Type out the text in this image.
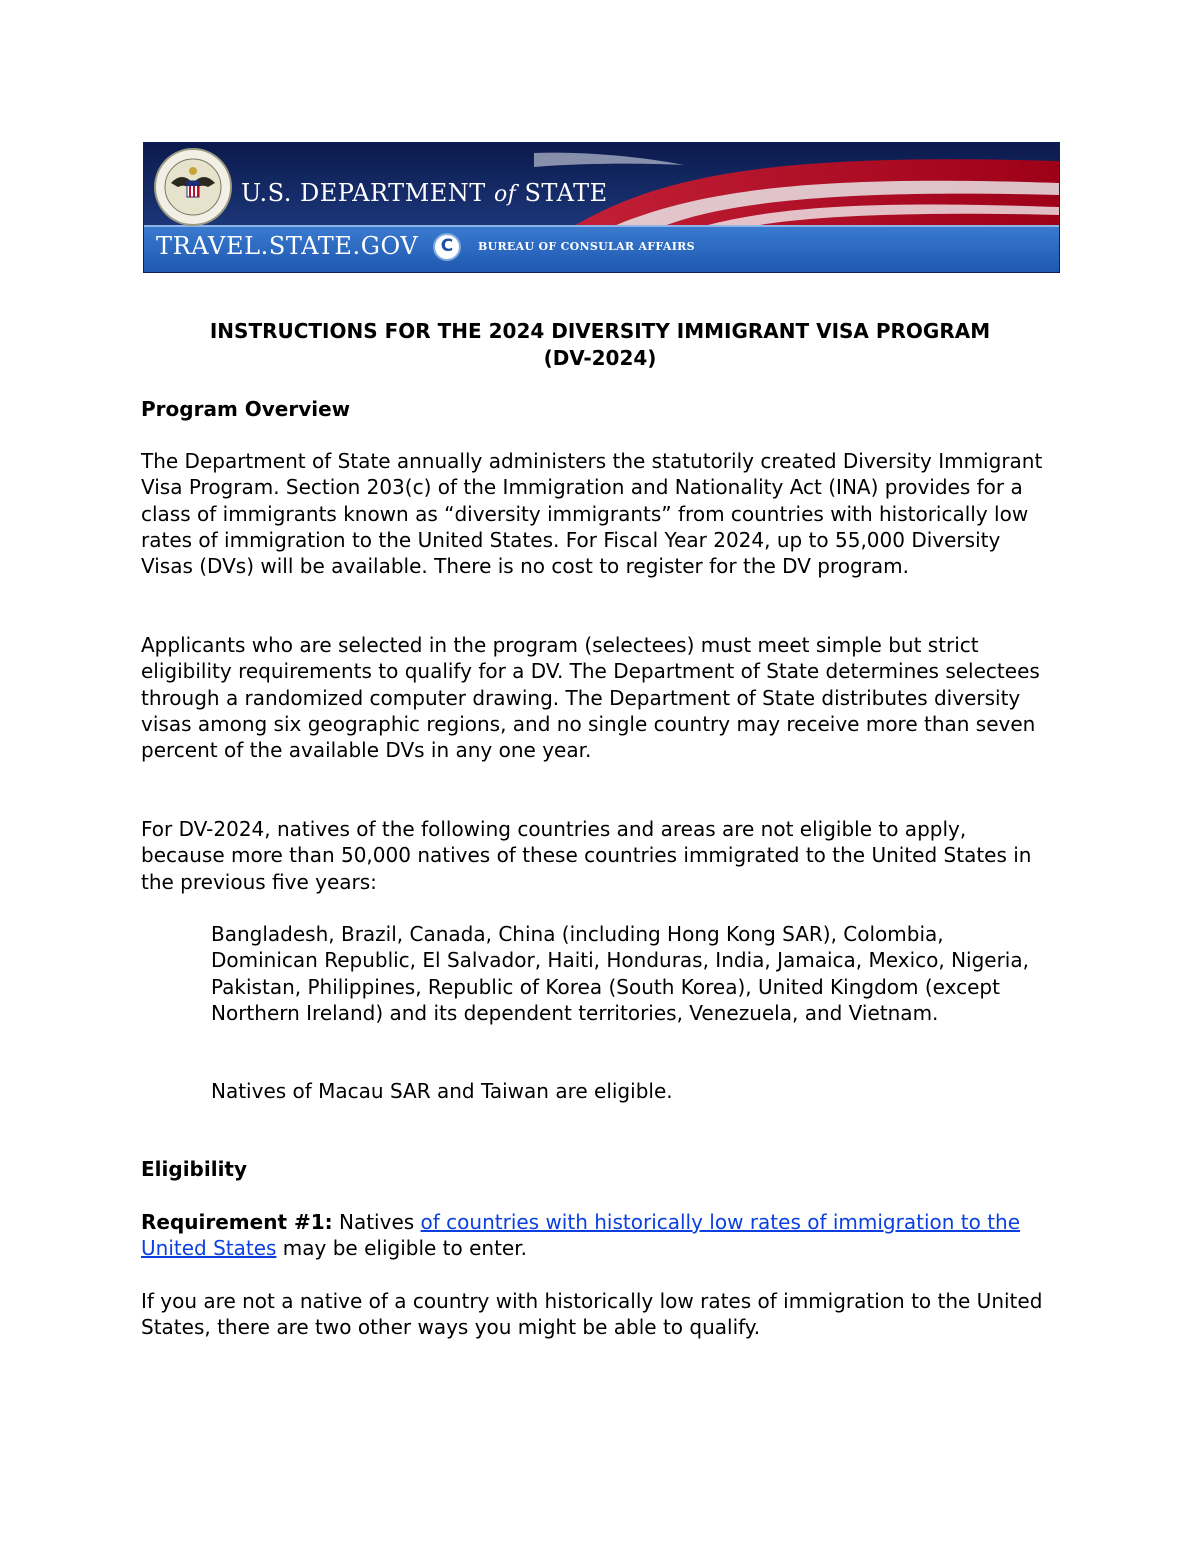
U.S. DEPARTMENT of STATE
TRAVEL.STATE.GOV	C	BUREAU OF CONSULAR AFFAIRS
INSTRUCTIONS FOR THE 2024 DIVERSITY IMMIGRANT VISA PROGRAM
(DV-2024)
Program Overview
The Department of State annually administers the statutorily created Diversity Immigrant Visa Program. Section 203(c) of the Immigration and Nationality Act (INA) provides for a class of immigrants known as “diversity immigrants” from countries with historically low rates of immigration to the United States. For Fiscal Year 2024, up to 55,000 Diversity Visas (DVs) will be available. There is no cost to register for the DV program.
Applicants who are selected in the program (selectees) must meet simple but strict eligibility requirements to qualify for a DV. The Department of State determines selectees through a randomized computer drawing. The Department of State distributes diversity visas among six geographic regions, and no single country may receive more than seven percent of the available DVs in any one year.
For DV-2024, natives of the following countries and areas are not eligible to apply, because more than 50,000 natives of these countries immigrated to the United States in the previous five years:
Bangladesh, Brazil, Canada, China (including Hong Kong SAR), Colombia, Dominican Republic, El Salvador, Haiti, Honduras, India, Jamaica, Mexico, Nigeria, Pakistan, Philippines, Republic of Korea (South Korea), United Kingdom (except Northern Ireland) and its dependent territories, Venezuela, and Vietnam.
Natives of Macau SAR and Taiwan are eligible.
Eligibility
Requirement #1: Natives of countries with historically low rates of immigration to the United States may be eligible to enter.
If you are not a native of a country with historically low rates of immigration to the United States, there are two other ways you might be able to qualify.
